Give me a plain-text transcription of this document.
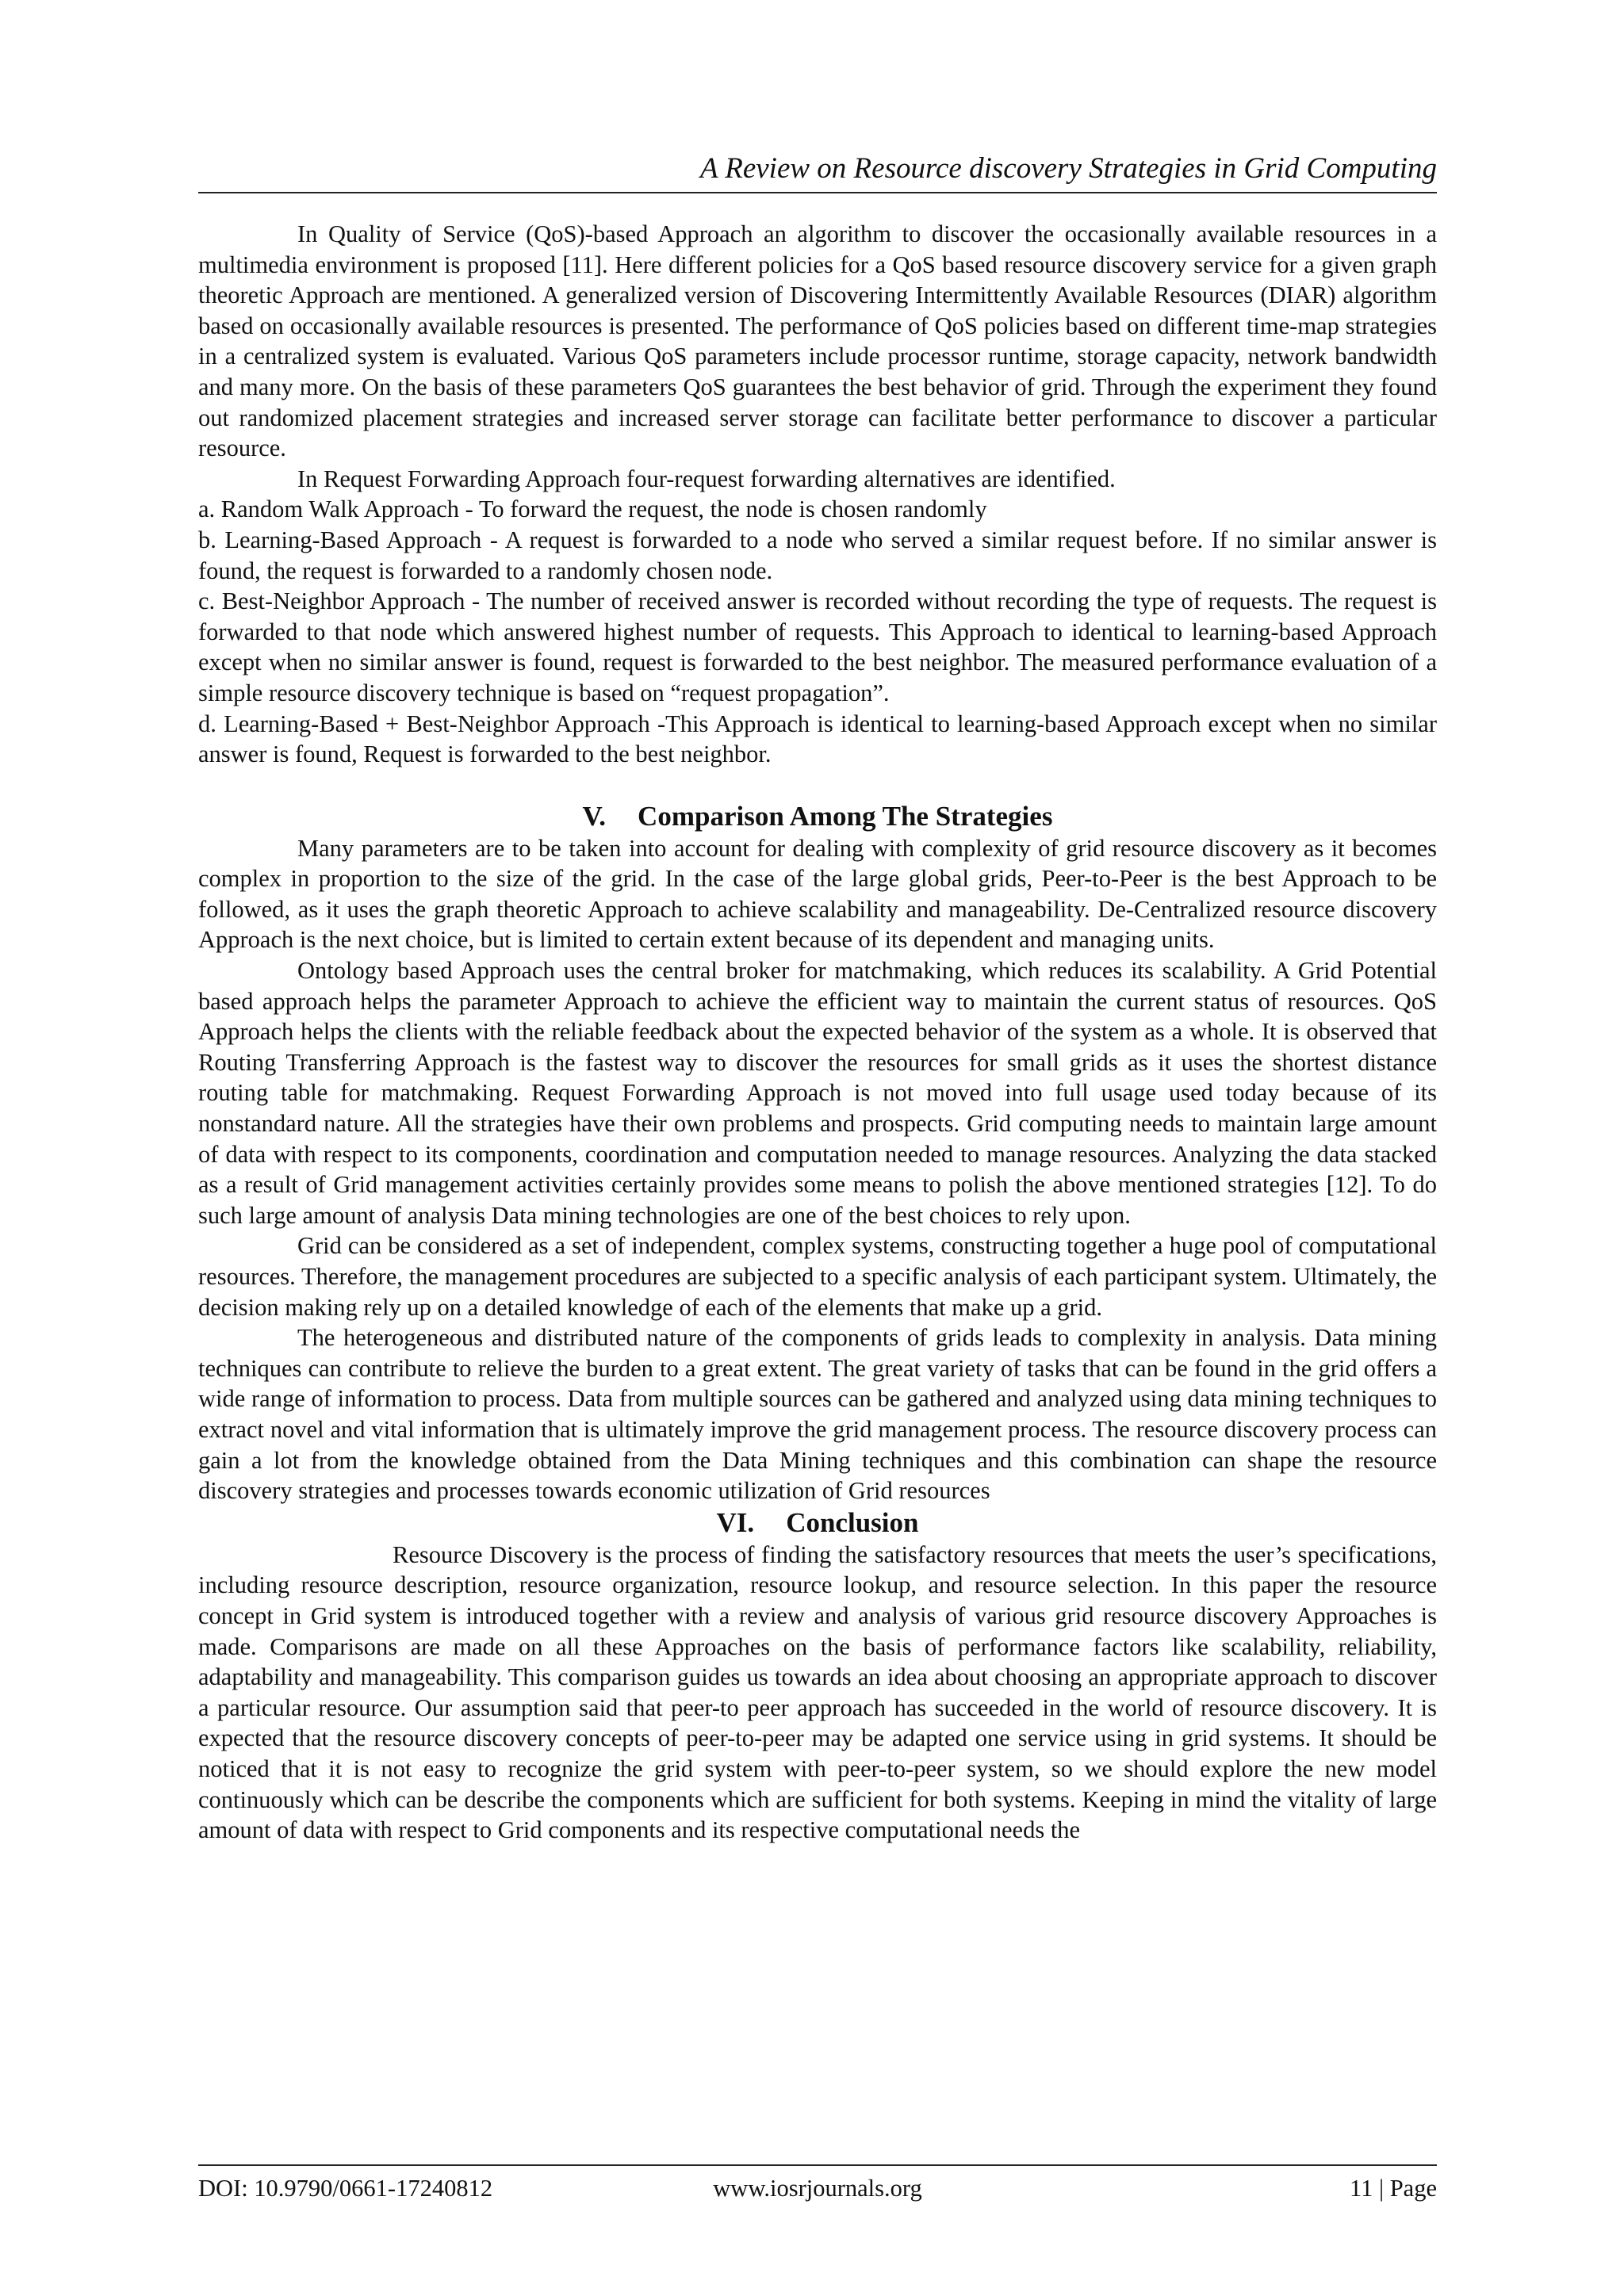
A Review on Resource discovery Strategies in Grid Computing

In Quality of Service (QoS)-based Approach an algorithm to discover the occasionally available resources in a multimedia environment is proposed [11]. Here different policies for a QoS based resource discovery service for a given graph theoretic Approach are mentioned. A generalized version of Discovering Intermittently Available Resources (DIAR) algorithm based on occasionally available resources is presented. The performance of QoS policies based on different time-map strategies in a centralized system is evaluated. Various QoS parameters include processor runtime, storage capacity, network bandwidth and many more. On the basis of these parameters QoS guarantees the best behavior of grid. Through the experiment they found out randomized placement strategies and increased server storage can facilitate better performance to discover a particular resource.

In Request Forwarding Approach four-request forwarding alternatives are identified.

a. Random Walk Approach - To forward the request, the node is chosen randomly

b. Learning-Based Approach - A request is forwarded to a node who served a similar request before. If no similar answer is found, the request is forwarded to a randomly chosen node.

c. Best-Neighbor Approach - The number of received answer is recorded without recording the type of requests. The request is forwarded to that node which answered highest number of requests. This Approach to identical to learning-based Approach except when no similar answer is found, request is forwarded to the best neighbor. The measured performance evaluation of a simple resource discovery technique is based on “request propagation”.

d. Learning-Based + Best-Neighbor Approach -This Approach is identical to learning-based Approach except when no similar answer is found, Request is forwarded to the best neighbor.

V. Comparison Among The Strategies

Many parameters are to be taken into account for dealing with complexity of grid resource discovery as it becomes complex in proportion to the size of the grid. In the case of the large global grids, Peer-to-Peer is the best Approach to be followed, as it uses the graph theoretic Approach to achieve scalability and manageability. De-Centralized resource discovery Approach is the next choice, but is limited to certain extent because of its dependent and managing units.

Ontology based Approach uses the central broker for matchmaking, which reduces its scalability. A Grid Potential based approach helps the parameter Approach to achieve the efficient way to maintain the current status of resources. QoS Approach helps the clients with the reliable feedback about the expected behavior of the system as a whole. It is observed that Routing Transferring Approach is the fastest way to discover the resources for small grids as it uses the shortest distance routing table for matchmaking. Request Forwarding Approach is not moved into full usage used today because of its nonstandard nature. All the strategies have their own problems and prospects. Grid computing needs to maintain large amount of data with respect to its components, coordination and computation needed to manage resources. Analyzing the data stacked as a result of Grid management activities certainly provides some means to polish the above mentioned strategies [12]. To do such large amount of analysis Data mining technologies are one of the best choices to rely upon.

Grid can be considered as a set of independent, complex systems, constructing together a huge pool of computational resources. Therefore, the management procedures are subjected to a specific analysis of each participant system. Ultimately, the decision making rely up on a detailed knowledge of each of the elements that make up a grid.

The heterogeneous and distributed nature of the components of grids leads to complexity in analysis. Data mining techniques can contribute to relieve the burden to a great extent. The great variety of tasks that can be found in the grid offers a wide range of information to process. Data from multiple sources can be gathered and analyzed using data mining techniques to extract novel and vital information that is ultimately improve the grid management process. The resource discovery process can gain a lot from the knowledge obtained from the Data Mining techniques and this combination can shape the resource discovery strategies and processes towards economic utilization of Grid resources

VI. Conclusion

Resource Discovery is the process of finding the satisfactory resources that meets the user’s specifications, including resource description, resource organization, resource lookup, and resource selection. In this paper the resource concept in Grid system is introduced together with a review and analysis of various grid resource discovery Approaches is made. Comparisons are made on all these Approaches on the basis of performance factors like scalability, reliability, adaptability and manageability. This comparison guides us towards an idea about choosing an appropriate approach to discover a particular resource. Our assumption said that peer-to peer approach has succeeded in the world of resource discovery. It is expected that the resource discovery concepts of peer-to-peer may be adapted one service using in grid systems. It should be noticed that it is not easy to recognize the grid system with peer-to-peer system, so we should explore the new model continuously which can be describe the components which are sufficient for both systems. Keeping in mind the vitality of large amount of data with respect to Grid components and its respective computational needs the

DOI: 10.9790/0661-17240812	www.iosrjournals.org	11 | Page
